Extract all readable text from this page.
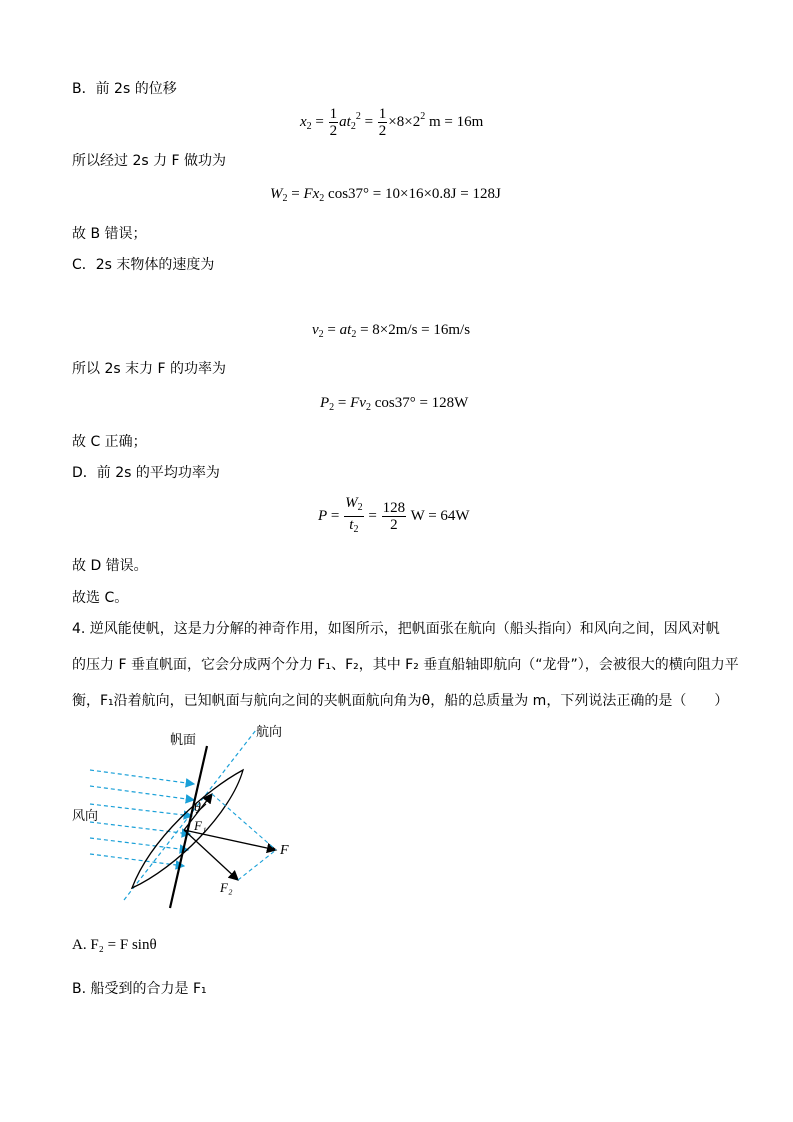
B．前 2s 的位移
$x_2 = \frac{1}{2} at_2^2 = \frac{1}{2} \times 8\times 2^2$ m = 16m
所以经过 2s 力 F 做功为
$W_2 = Fx_2$ cos37° = 10×16×0.8J = 128J
故 B 错误；
C．2s 末物体的速度为
$v_2 = at_2 = 8\times 2m/s = 16m/s$
所以 2s 末力 F 的功率为
$P_2 = Fv_2$ cos37° = 128W
故 C 正确；
D．前 2s 的平均功率为
$P = \frac{W_2}{t_2} = \frac{128}{2}$ W = 64W
故 D 错误。
故选 C。
4. 逆风能使帆，这是力分解的神奇作用，如图所示，把帆面张在航向（船头指向）和风向之间，因风对帆
的压力 F 垂直帆面，它会分成两个分力 F₁、F₂，其中 F₂ 垂直船轴即航向（“龙骨”），会被很大的横向阻力平
衡，F₁沿着航向，已知帆面与航向之间的夹帆面航向角为θ，船的总质量为 m，下列说法正确的是（　　）
帆面
航向
风向
θ
F
F₁
F₂
A. F₂ = F sinθ
B. 船受到的合力是 F₁
